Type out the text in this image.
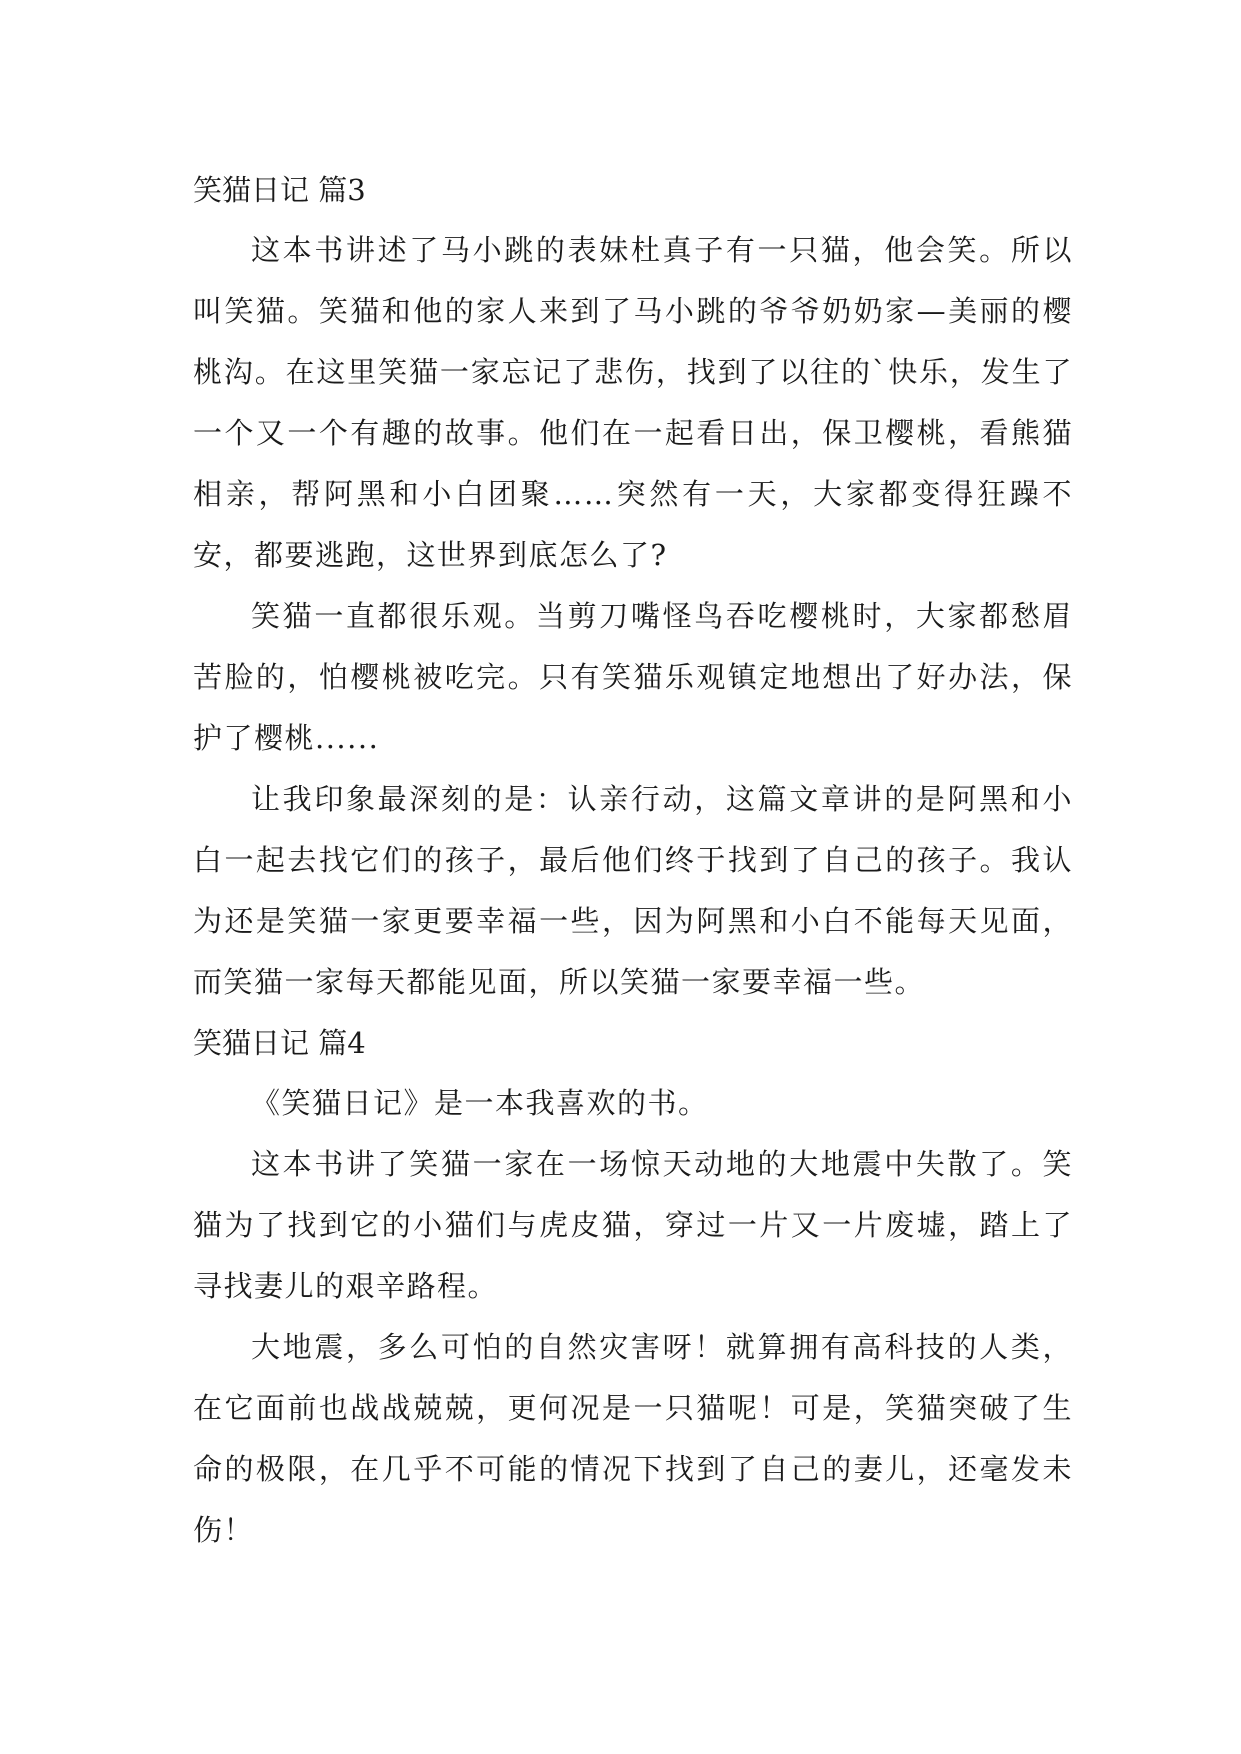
笑猫日记 篇3

这本书讲述了马小跳的表妹杜真子有一只猫，他会笑。所以叫笑猫。笑猫和他的家人来到了马小跳的爷爷奶奶家—美丽的樱桃沟。在这里笑猫一家忘记了悲伤，找到了以往的`快乐，发生了一个又一个有趣的故事。他们在一起看日出，保卫樱桃，看熊猫相亲，帮阿黑和小白团聚……突然有一天，大家都变得狂躁不安，都要逃跑，这世界到底怎么了?

笑猫一直都很乐观。当剪刀嘴怪鸟吞吃樱桃时，大家都愁眉苦脸的，怕樱桃被吃完。只有笑猫乐观镇定地想出了好办法，保护了樱桃......

让我印象最深刻的是：认亲行动，这篇文章讲的是阿黑和小白一起去找它们的孩子，最后他们终于找到了自己的孩子。我认为还是笑猫一家更要幸福一些，因为阿黑和小白不能每天见面，而笑猫一家每天都能见面，所以笑猫一家要幸福一些。

笑猫日记 篇4

《笑猫日记》是一本我喜欢的书。

这本书讲了笑猫一家在一场惊天动地的大地震中失散了。笑猫为了找到它的小猫们与虎皮猫，穿过一片又一片废墟，踏上了寻找妻儿的艰辛路程。

大地震，多么可怕的自然灾害呀！就算拥有高科技的人类，在它面前也战战兢兢，更何况是一只猫呢！可是，笑猫突破了生命的极限，在几乎不可能的情况下找到了自己的妻儿，还毫发未伤！
